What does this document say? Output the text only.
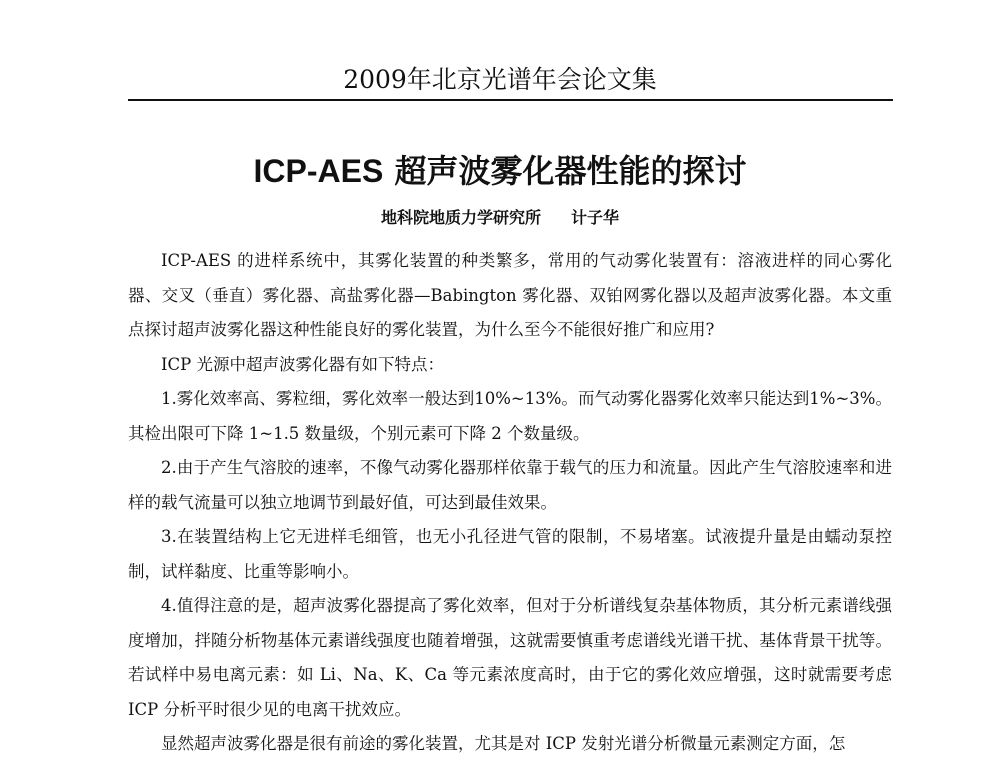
2009年北京光谱年会论文集
ICP-AES 超声波雾化器性能的探讨
地科院地质力学研究所 计子华

ICP-AES 的进样系统中，其雾化装置的种类繁多，常用的气动雾化装置有：溶液进样的同心雾化器、交叉（垂直）雾化器、高盐雾化器—Babington 雾化器、双铂网雾化器以及超声波雾化器。本文重点探讨超声波雾化器这种性能良好的雾化装置，为什么至今不能很好推广和应用?

ICP 光源中超声波雾化器有如下特点：

1.雾化效率高、雾粒细，雾化效率一般达到10%~13%。而气动雾化器雾化效率只能达到1%~3%。其检出限可下降 1~1.5 数量级，个别元素可下降 2 个数量级。

2.由于产生气溶胶的速率，不像气动雾化器那样依靠于载气的压力和流量。因此产生气溶胶速率和进样的载气流量可以独立地调节到最好值，可达到最佳效果。

3.在装置结构上它无进样毛细管，也无小孔径进气管的限制，不易堵塞。试液提升量是由蠕动泵控制，试样黏度、比重等影响小。

4.值得注意的是，超声波雾化器提高了雾化效率，但对于分析谱线复杂基体物质，其分析元素谱线强度增加，拌随分析物基体元素谱线强度也随着增强，这就需要慎重考虑谱线光谱干扰、基体背景干扰等。若试样中易电离元素：如 Li、Na、K、Ca 等元素浓度高时，由于它的雾化效应增强，这时就需要考虑 ICP 分析平时很少见的电离干扰效应。

显然超声波雾化器是很有前途的雾化装置，尤其是对 ICP 发射光谱分析微量元素测定方面，怎
